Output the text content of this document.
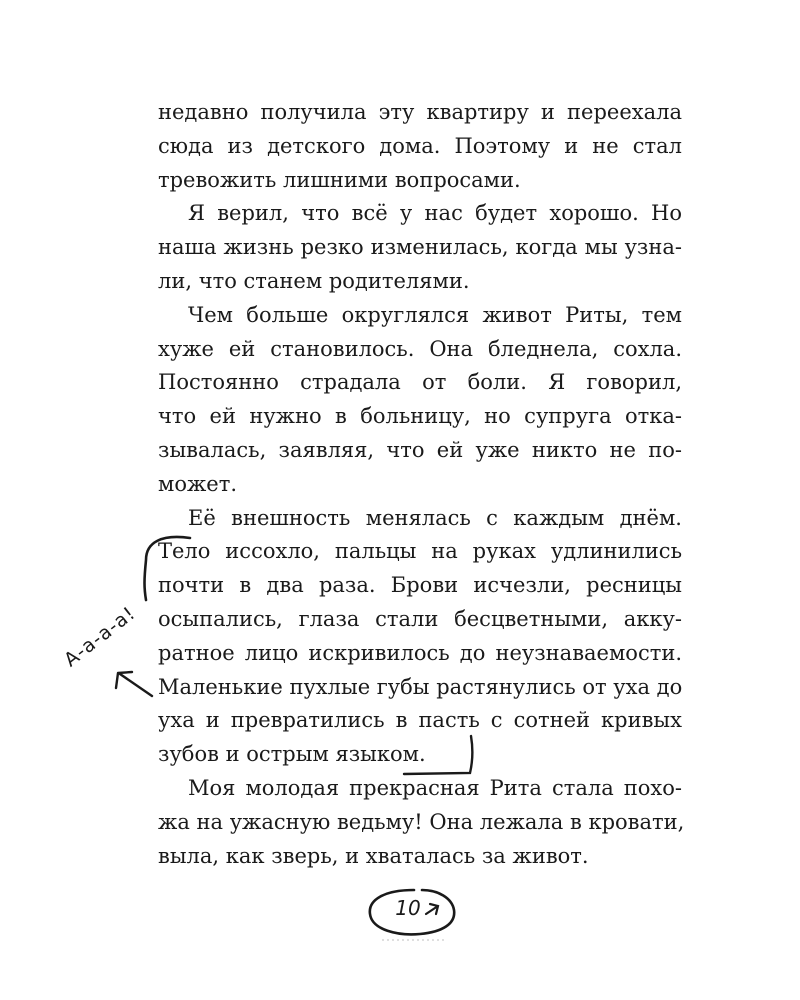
недавно получила эту квартиру и переехала
сюда из детского дома. Поэтому и не стал
тревожить лишними вопросами.
Я верил, что всё у нас будет хорошо. Но
наша жизнь резко изменилась, когда мы узна-
ли, что станем родителями.
Чем больше округлялся живот Риты, тем
хуже ей становилось. Она бледнела, сохла.
Постоянно страдала от боли. Я говорил,
что ей нужно в больницу, но супруга отка-
зывалась, заявляя, что ей уже никто не по-
может.
Её внешность менялась с каждым днём.
Тело иссохло, пальцы на руках удлинились
почти в два раза. Брови исчезли, ресницы
осыпались, глаза стали бесцветными, акку-
ратное лицо искривилось до неузнаваемости.
Маленькие пухлые губы растянулись от уха до
уха и превратились в пасть с сотней кривых
зубов и острым языком.
Моя молодая прекрасная Рита стала похо-
жа на ужасную ведьму! Она лежала в кровати,
выла, как зверь, и хваталась за живот.
А-а-а-а!
10
